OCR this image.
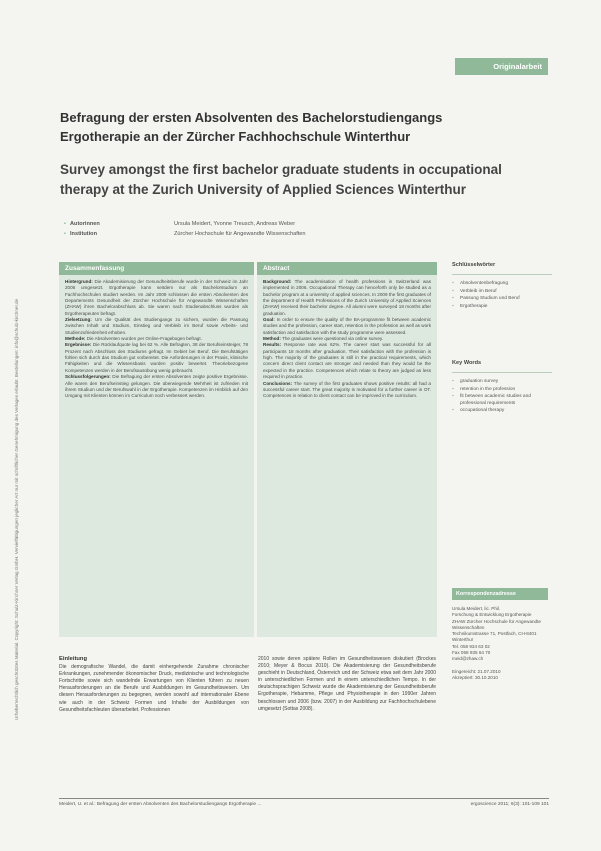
Urheberrechtlich geschütztes Material. Copyright: Schulz-Kirchner Verlag GmbH. Vervielfältigungen jeglicher Art nur mit schriftlicher Genehmigung des Verlages erlaubt. Bestellungen: info@schulz-kirchner.de
Originalarbeit
Befragung der ersten Absolventen des Bachelorstudiengangs Ergotherapie an der Zürcher Fachhochschule Winterthur
Survey amongst the first bachelor graduate students in occupational therapy at the Zurich University of Applied Sciences Winterthur
▪ Autorinnen	Ursula Meidert, Yvonne Treusch, Andreas Weber
▪ Institution	Zürcher Hochschule für Angewandte Wissenschaften
Zusammenfassung

Hintergrund: Die Akademisierung der Gesundheitsberufe wurde in der Schweiz im Jahr 2006 umgesetzt. Ergotherapie kann seitdem nur als Bachelorstudium an Fachhochschulen studiert werden. Im Jahr 2009 schlossen die ersten Absolventen des Departements Gesundheit der Zürcher Hochschule für Angewandte Wissenschaften (ZHAW) ihren Bachelorabschluss ab. Sie waren nach Studienabschluss wurden als Ergotherapeuten befragt.

Zielsetzung: Um die Qualität des Studiengangs zu sichern, wurden die Passung zwischen Inhalt und Studium, Einstieg und Verbleib im Beruf sowie Arbeits- und Studienzufriedenheit erhoben.

Methode: Die Absolventen wurden per Online-Fragebogen befragt.

Ergebnisse: Die Rücklaufquote lag bei 62 %. Alle Befragten, 38 der Berufseinsteiger, 78 Prozent nach Abschluss des Studiums gefragt. Im Gebiet bei Beruf. Die Berufstätigen fühlen sich durch das Studium gut vorbereitet. Die Anforderungen in der Praxis, klinische Fähigkeiten und die Wissensbasis wurden positiv bewertet. Theoriebezogene Kompetenzen werden in der Berufsausübung wenig gebraucht.

Schlussfolgerungen: Die Befragung der ersten Absolventen zeigte positive Ergebnisse. Alle waren den Berufseinstieg gelungen. Die überwiegende Mehrheit ist zufrieden mit ihrem Studium und der Berufswahl in der Ergotherapie. Kompetenzen im Hinblick auf den Umgang mit Klienten können im Curriculum noch verbessert werden.

Abstract

Background: The academisation of health professions in Switzerland was implemented in 2006. Occupational Therapy can henceforth only be studied as a bachelor program at a university of applied sciences. In 2009 the first graduates of the department of Health Professions of the Zurich University of Applied Sciences (ZHAW) received their bachelor degree. All alumni were surveyed 18 months after graduation.

Goal: In order to ensure the quality of the BA-programme fit between academic studies and the profession, career start, retention in the profession as well as work satisfaction and satisfaction with the study programme were assessed.

Method: The graduates were questioned via online survey.

Results: Response rate was 62%. The career start was successful for all participants 18 months after graduation. Their satisfaction with the profession is high. The majority of the graduates is still in the practical requirements, which concern direct client contact are stronger and needed than they would be the expected in the practice. Competences which relate to theory are judged as less required in practice.

Conclusions: The survey of the first graduates shows positive results: all had a successful career start. The great majority is motivated for a further career in OT. Competences in relation to client contact can be improved in the curriculum.

Schlüsselwörter
▪ Absolventenbefragung
▪ Verbleib im Beruf
▪ Passung Studium und Beruf
▪ Ergotherapie
Key Words
▪ graduation survey
▪ retention in the profession
▪ fit between academic studies and professional requirements
▪ occupational therapy
Korrespondenzadresse
Ursula Meidert, lic. Phil.
Forschung & Entwicklung Ergotherapie
ZHAW Zürcher Hochschule für Angewandte Wissenschaften
Technikumstrasse 71, Postfach, CH-8401 Winterthur
Tel. 058 934 63 02
Fax 058 935 64 70
meid@zhaw.ch

Eingereicht: 21.07.2010
Akzeptiert: 30.10.2010
Einleitung
Die demografische Wandel, die damit einhergehende Zunahme chronischer Erkrankungen, zunehmender ökonomischer Druck, medizinische und technologische Fortschritte sowie sich wandelnde Erwartungen von Klienten führen zu neuen Herausforderungen an die Berufe und Ausbildungen im Gesundheitswesen. Um diesen Herausforderungen zu begegnen, werden sowohl auf internationaler Ebene wie auch in der Schweiz Formen und Inhalte der Ausbildungen von Gesundheitsfachleuten überarbeitet. Professionen
2010 sowie deren spätere Rollen im Gesundheitswesen diskutiert (Brockes 2010; Meyer & Bocus 2010). Die Akademisierung der Gesundheitsberufe geschieht in Deutschland, Österreich und der Schweiz etwa seit dem Jahr 2000 in unterschiedlichen Formen und in einem unterschiedlichen Tempo. In der deutschsprachigen Schweiz wurde die Akademisierung der Gesundheitsberufe Ergotherapie, Hebamme, Pflege und Physiotherapie in den 1990er Jahren beschlossen und 2006 (bzw. 2007) in der Ausbildung zur Fachhochschulebene umgesetzt (Sottas 2008).
Meidert, U. et al.: Befragung der ersten Absolventen des Bachelorstudiengangs Ergotherapie ...	ergoscience 2011; 6(3): 101-109 101
